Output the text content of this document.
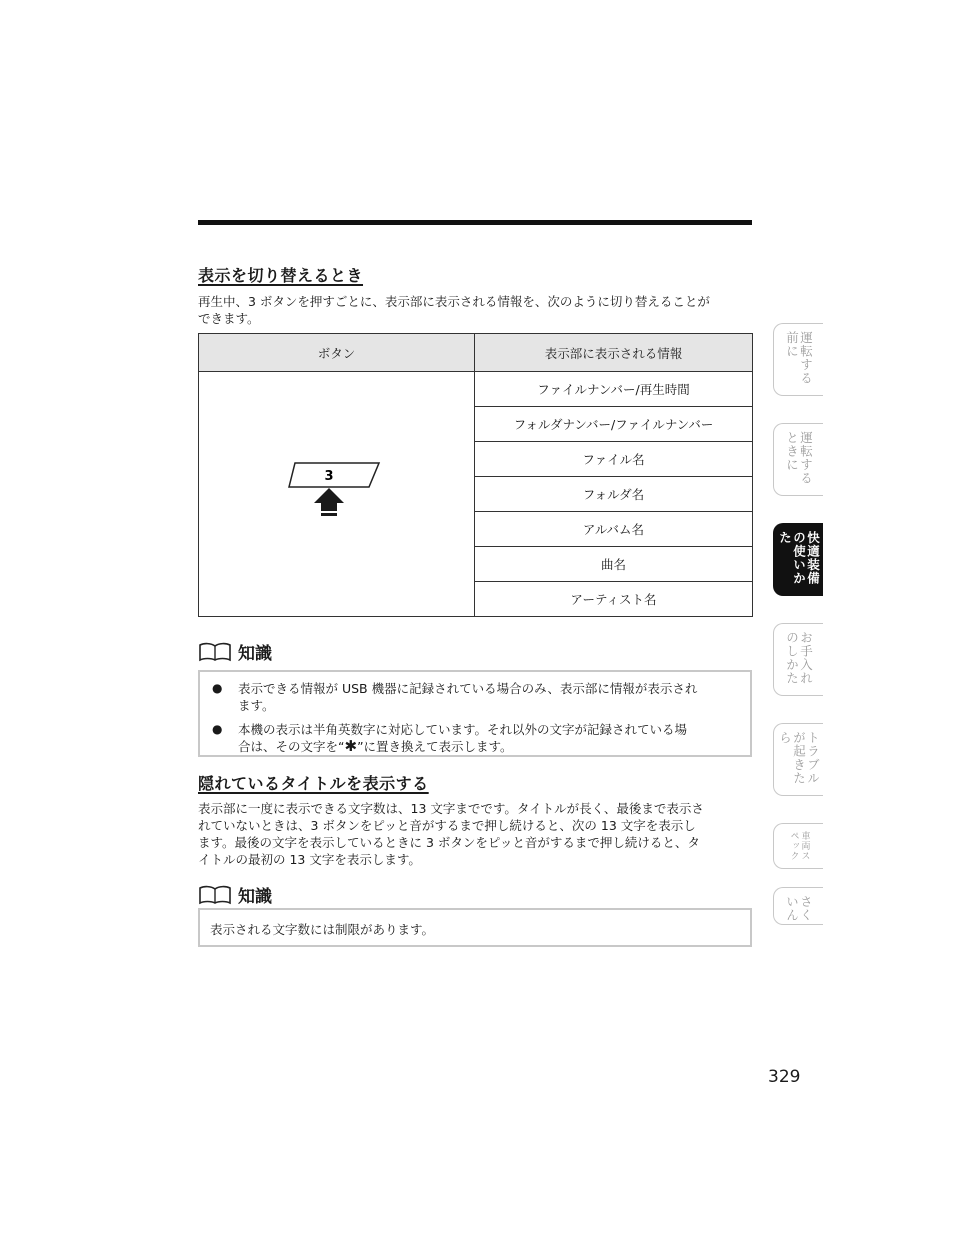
表示を切り替えるとき

再生中、3 ボタンを押すごとに、表示部に表示される情報を、次のように切り替えることが
できます。

ボタン	表示部に表示される情報

3	ファイルナンバー/再生時間
	フォルダナンバー/ファイルナンバー
	ファイル名
	フォルダ名
	アルバム名
	曲名
	アーティスト名
知識
● 表示できる情報が USB 機器に記録されている場合のみ、表示部に情報が表示され
ます。
● 本機の表示は半角英数字に対応しています。それ以外の文字が記録されている場
合は、その文字を“✱”に置き換えて表示します。
隠れているタイトルを表示する

表示部に一度に表示できる文字数は、13 文字までです。タイトルが長く、最後まで表示さ
れていないときは、3 ボタンをピッと音がするまで押し続けると、次の 13 文字を表示し
ます。最後の文字を表示しているときに 3 ボタンをピッと音がするまで押し続けると、タ
イトルの最初の 13 文字を表示します。

知識

表示される文字数には制限があります。

329
運転する前に
運転するときに
快適装備の使いかた
お手入れのしかた
トラブルが起きたら
車両スペック
さくいん
